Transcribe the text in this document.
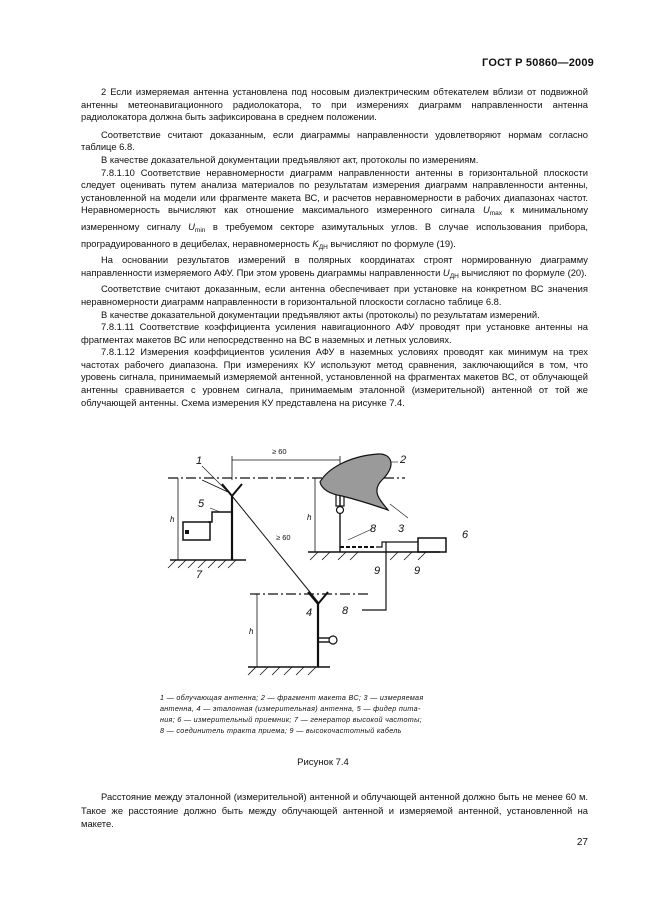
ГОСТ Р 50860—2009

2 Если измеряемая антенна установлена под носовым диэлектрическим обтекателем вблизи от подвижной антенны метеонавигационного радиолокатора, то при измерениях диаграмм направленности антенна радиолокатора должна быть зафиксирована в среднем положении.

Соответствие считают доказанным, если диаграммы направленности удовлетворяют нормам согласно таблице 6.8.

В качестве доказательной документации предъявляют акт, протоколы по измерениям.

7.8.1.10 Соответствие неравномерности диаграмм направленности антенны в горизонтальной плоскости следует оценивать путем анализа материалов по результатам измерения диаграмм направленности антенны, установленной на модели или фрагменте макета ВС, и расчетов неравномерности в рабочих диапазонах частот. Неравномерность вычисляют как отношение максимального измеренного сигнала $U_{max}$ к минимальному измеренному сигналу $U_{min}$ в требуемом секторе азимутальных углов. В случае использования прибора, проградуированного в децибелах, неравномерность $K_{ДН}$ вычисляют по формуле (19).

На основании результатов измерений в полярных координатах строят нормированную диаграмму направленности измеряемого АФУ. При этом уровень диаграммы направленности $U_{ДН}$ вычисляют по формуле (20).

Соответствие считают доказанным, если антенна обеспечивает при установке на конкретном ВС значения неравномерности диаграмм направленности в горизонтальной плоскости согласно таблице 6.8.

В качестве доказательной документации предъявляют акты (протоколы) по результатам измерений.

7.8.1.11 Соответствие коэффициента усиления навигационного АФУ проводят при установке антенны на фрагментах макетов ВС или непосредственно на ВС в наземных и летных условиях.

7.8.1.12 Измерения коэффициентов усиления АФУ в наземных условиях проводят как минимум на трех частотах рабочего диапазона. При измерениях КУ используют метод сравнения, заключающийся в том, что уровень сигнала, принимаемый измеряемой антенной, установленной на фрагментах макетов ВС, от облучающей антенны сравнивается с уровнем сигнала, принимаемым эталонной (измерительной) антенной от той же облучающей антенны. Схема измерения КУ представлена на рисунке 7.4.

1	2
3
4
5
6
7
8
8
9	9
≥ 60
≥ 60
h	h
h
1 — облучающая антенна; 2 — фрагмент макета ВС; 3 — измеряемая
антенна, 4 — эталонная (измерительная) антенна, 5 — фидер пита-
ния; 6 — измерительный приемник; 7 — генератор высокой частоты;
8 — соединитель тракта приема; 9 — высокочастотный кабель
Рисунок 7.4

Расстояние между эталонной (измерительной) антенной и облучающей антенной должно быть не менее 60 м. Такое же расстояние должно быть между облучающей антенной и измеряемой антенной, установленной на макете.

27
